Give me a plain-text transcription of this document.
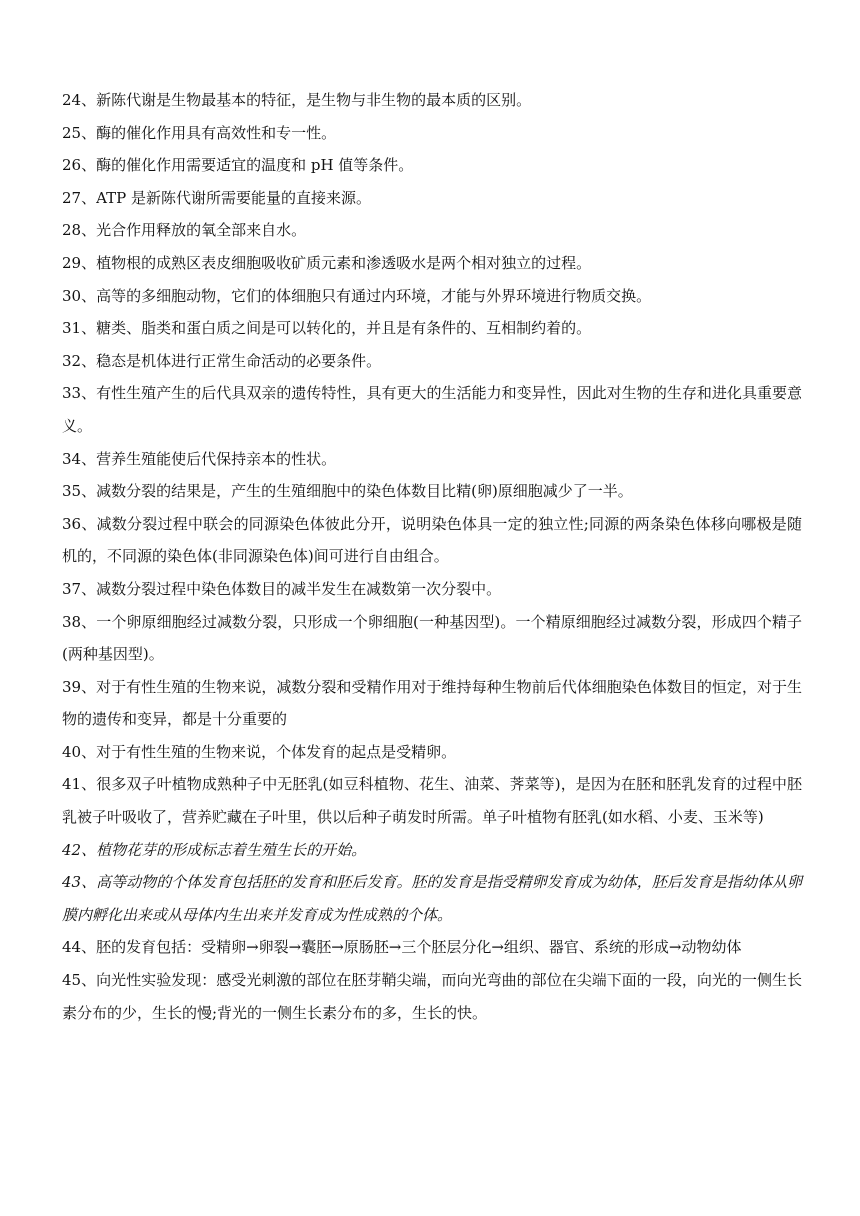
24、新陈代谢是生物最基本的特征，是生物与非生物的最本质的区别。

25、酶的催化作用具有高效性和专一性。

26、酶的催化作用需要适宜的温度和 pH 值等条件。

27、ATP 是新陈代谢所需要能量的直接来源。

28、光合作用释放的氧全部来自水。

29、植物根的成熟区表皮细胞吸收矿质元素和渗透吸水是两个相对独立的过程。

30、高等的多细胞动物，它们的体细胞只有通过内环境，才能与外界环境进行物质交换。

31、糖类、脂类和蛋白质之间是可以转化的，并且是有条件的、互相制约着的。

32、稳态是机体进行正常生命活动的必要条件。

33、有性生殖产生的后代具双亲的遗传特性，具有更大的生活能力和变异性，因此对生物的生存和进化具重要意义。

34、营养生殖能使后代保持亲本的性状。

35、减数分裂的结果是，产生的生殖细胞中的染色体数目比精(卵)原细胞减少了一半。

36、减数分裂过程中联会的同源染色体彼此分开，说明染色体具一定的独立性;同源的两条染色体移向哪极是随机的，不同源的染色体(非同源染色体)间可进行自由组合。

37、减数分裂过程中染色体数目的减半发生在减数第一次分裂中。

38、一个卵原细胞经过减数分裂，只形成一个卵细胞(一种基因型)。一个精原细胞经过减数分裂，形成四个精子(两种基因型)。

39、对于有性生殖的生物来说，减数分裂和受精作用对于维持每种生物前后代体细胞染色体数目的恒定，对于生物的遗传和变异，都是十分重要的

40、对于有性生殖的生物来说，个体发育的起点是受精卵。

41、很多双子叶植物成熟种子中无胚乳(如豆科植物、花生、油菜、荠菜等)，是因为在胚和胚乳发育的过程中胚乳被子叶吸收了，营养贮藏在子叶里，供以后种子萌发时所需。单子叶植物有胚乳(如水稻、小麦、玉米等)

42、植物花芽的形成标志着生殖生长的开始。

43、高等动物的个体发育包括胚的发育和胚后发育。胚的发育是指受精卵发育成为幼体，胚后发育是指幼体从卵膜内孵化出来或从母体内生出来并发育成为性成熟的个体。

44、胚的发育包括：受精卵→卵裂→囊胚→原肠胚→三个胚层分化→组织、器官、系统的形成→动物幼体

45、向光性实验发现：感受光刺激的部位在胚芽鞘尖端，而向光弯曲的部位在尖端下面的一段，向光的一侧生长素分布的少，生长的慢;背光的一侧生长素分布的多，生长的快。
